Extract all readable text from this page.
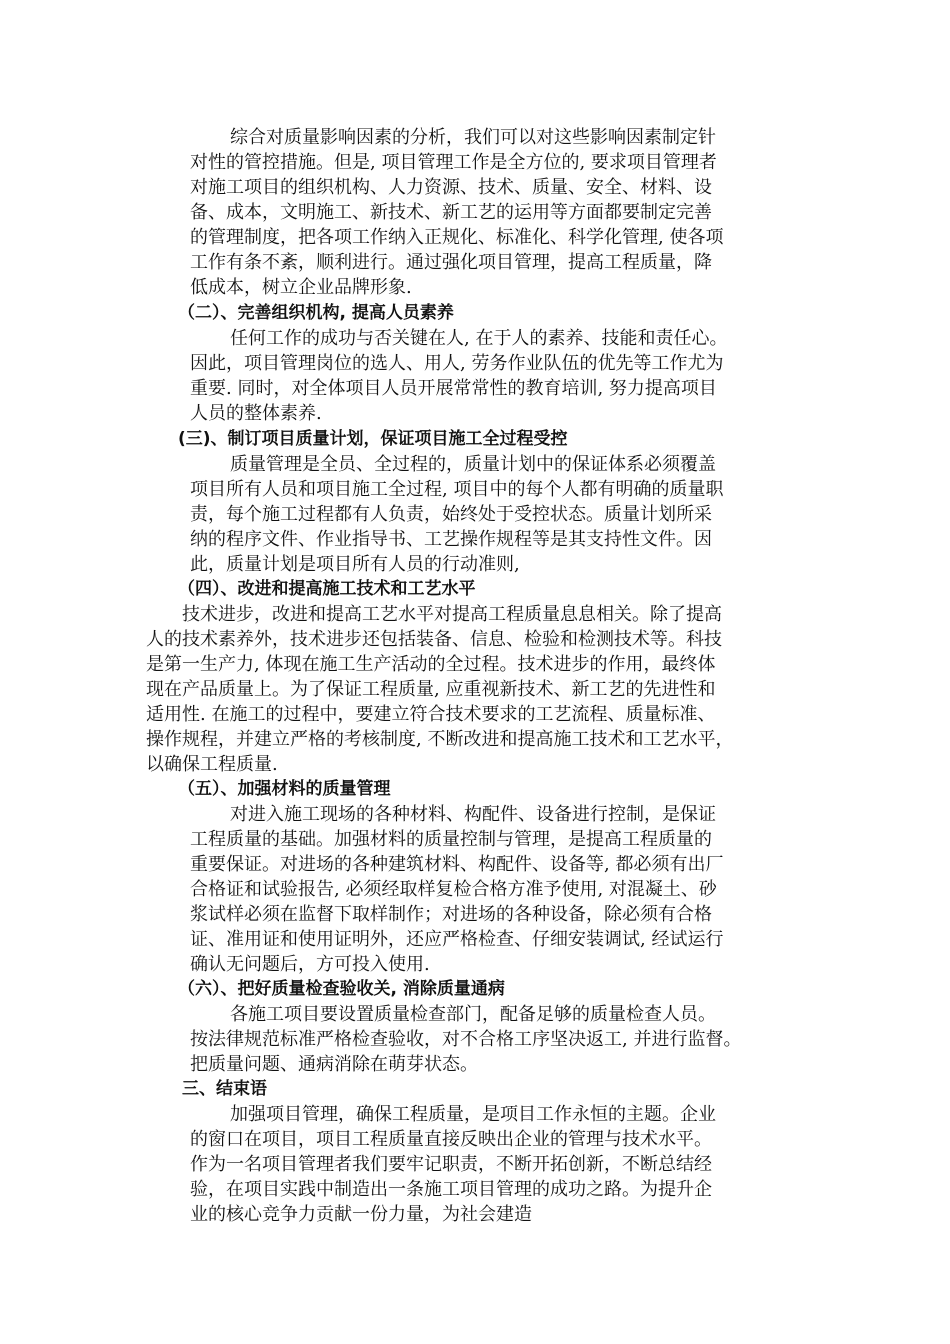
综合对质量影响因素的分析，我们可以对这些影响因素制定针
对性的管控措施。但是, 项目管理工作是全方位的, 要求项目管理者
对施工项目的组织机构、人力资源、技术、质量、安全、材料、设
备、成本，文明施工、新技术、新工艺的运用等方面都要制定完善
的管理制度，把各项工作纳入正规化、标准化、科学化管理, 使各项
工作有条不紊，顺利进行。通过强化项目管理，提高工程质量，降
低成本，树立企业品牌形象.
（二）、完善组织机构, 提高人员素养
任何工作的成功与否关键在人, 在于人的素养、技能和责任心。
因此，项目管理岗位的选人、用人, 劳务作业队伍的优先等工作尤为
重要. 同时，对全体项目人员开展常常性的教育培训, 努力提高项目
人员的整体素养.
(三)、制订项目质量计划，保证项目施工全过程受控
质量管理是全员、全过程的，质量计划中的保证体系必须覆盖
项目所有人员和项目施工全过程, 项目中的每个人都有明确的质量职
责，每个施工过程都有人负责，始终处于受控状态。质量计划所采
纳的程序文件、作业指导书、工艺操作规程等是其支持性文件。因
此，质量计划是项目所有人员的行动准则,
（四）、改进和提高施工技术和工艺水平
技术进步，改进和提高工艺水平对提高工程质量息息相关。除了提高
人的技术素养外，技术进步还包括装备、信息、检验和检测技术等。科技
是第一生产力, 体现在施工生产活动的全过程。技术进步的作用，最终体
现在产品质量上。为了保证工程质量, 应重视新技术、新工艺的先进性和
适用性. 在施工的过程中，要建立符合技术要求的工艺流程、质量标准、
操作规程，并建立严格的考核制度, 不断改进和提高施工技术和工艺水平，
以确保工程质量.
（五）、加强材料的质量管理
对进入施工现场的各种材料、构配件、设备进行控制，是保证
工程质量的基础。加强材料的质量控制与管理，是提高工程质量的
重要保证。对进场的各种建筑材料、构配件、设备等, 都必须有出厂
合格证和试验报告, 必须经取样复检合格方准予使用, 对混凝土、砂
浆试样必须在监督下取样制作；对进场的各种设备，除必须有合格
证、准用证和使用证明外，还应严格检查、仔细安装调试, 经试运行
确认无问题后，方可投入使用.
（六）、把好质量检查验收关, 消除质量通病
各施工项目要设置质量检查部门，配备足够的质量检查人员。
按法律规范标准严格检查验收，对不合格工序坚决返工, 并进行监督。
把质量问题、通病消除在萌芽状态。
三、结束语
加强项目管理，确保工程质量，是项目工作永恒的主题。企业
的窗口在项目，项目工程质量直接反映出企业的管理与技术水平。
作为一名项目管理者我们要牢记职责，不断开拓创新，不断总结经
验，在项目实践中制造出一条施工项目管理的成功之路。为提升企
业的核心竞争力贡献一份力量，为社会建造
